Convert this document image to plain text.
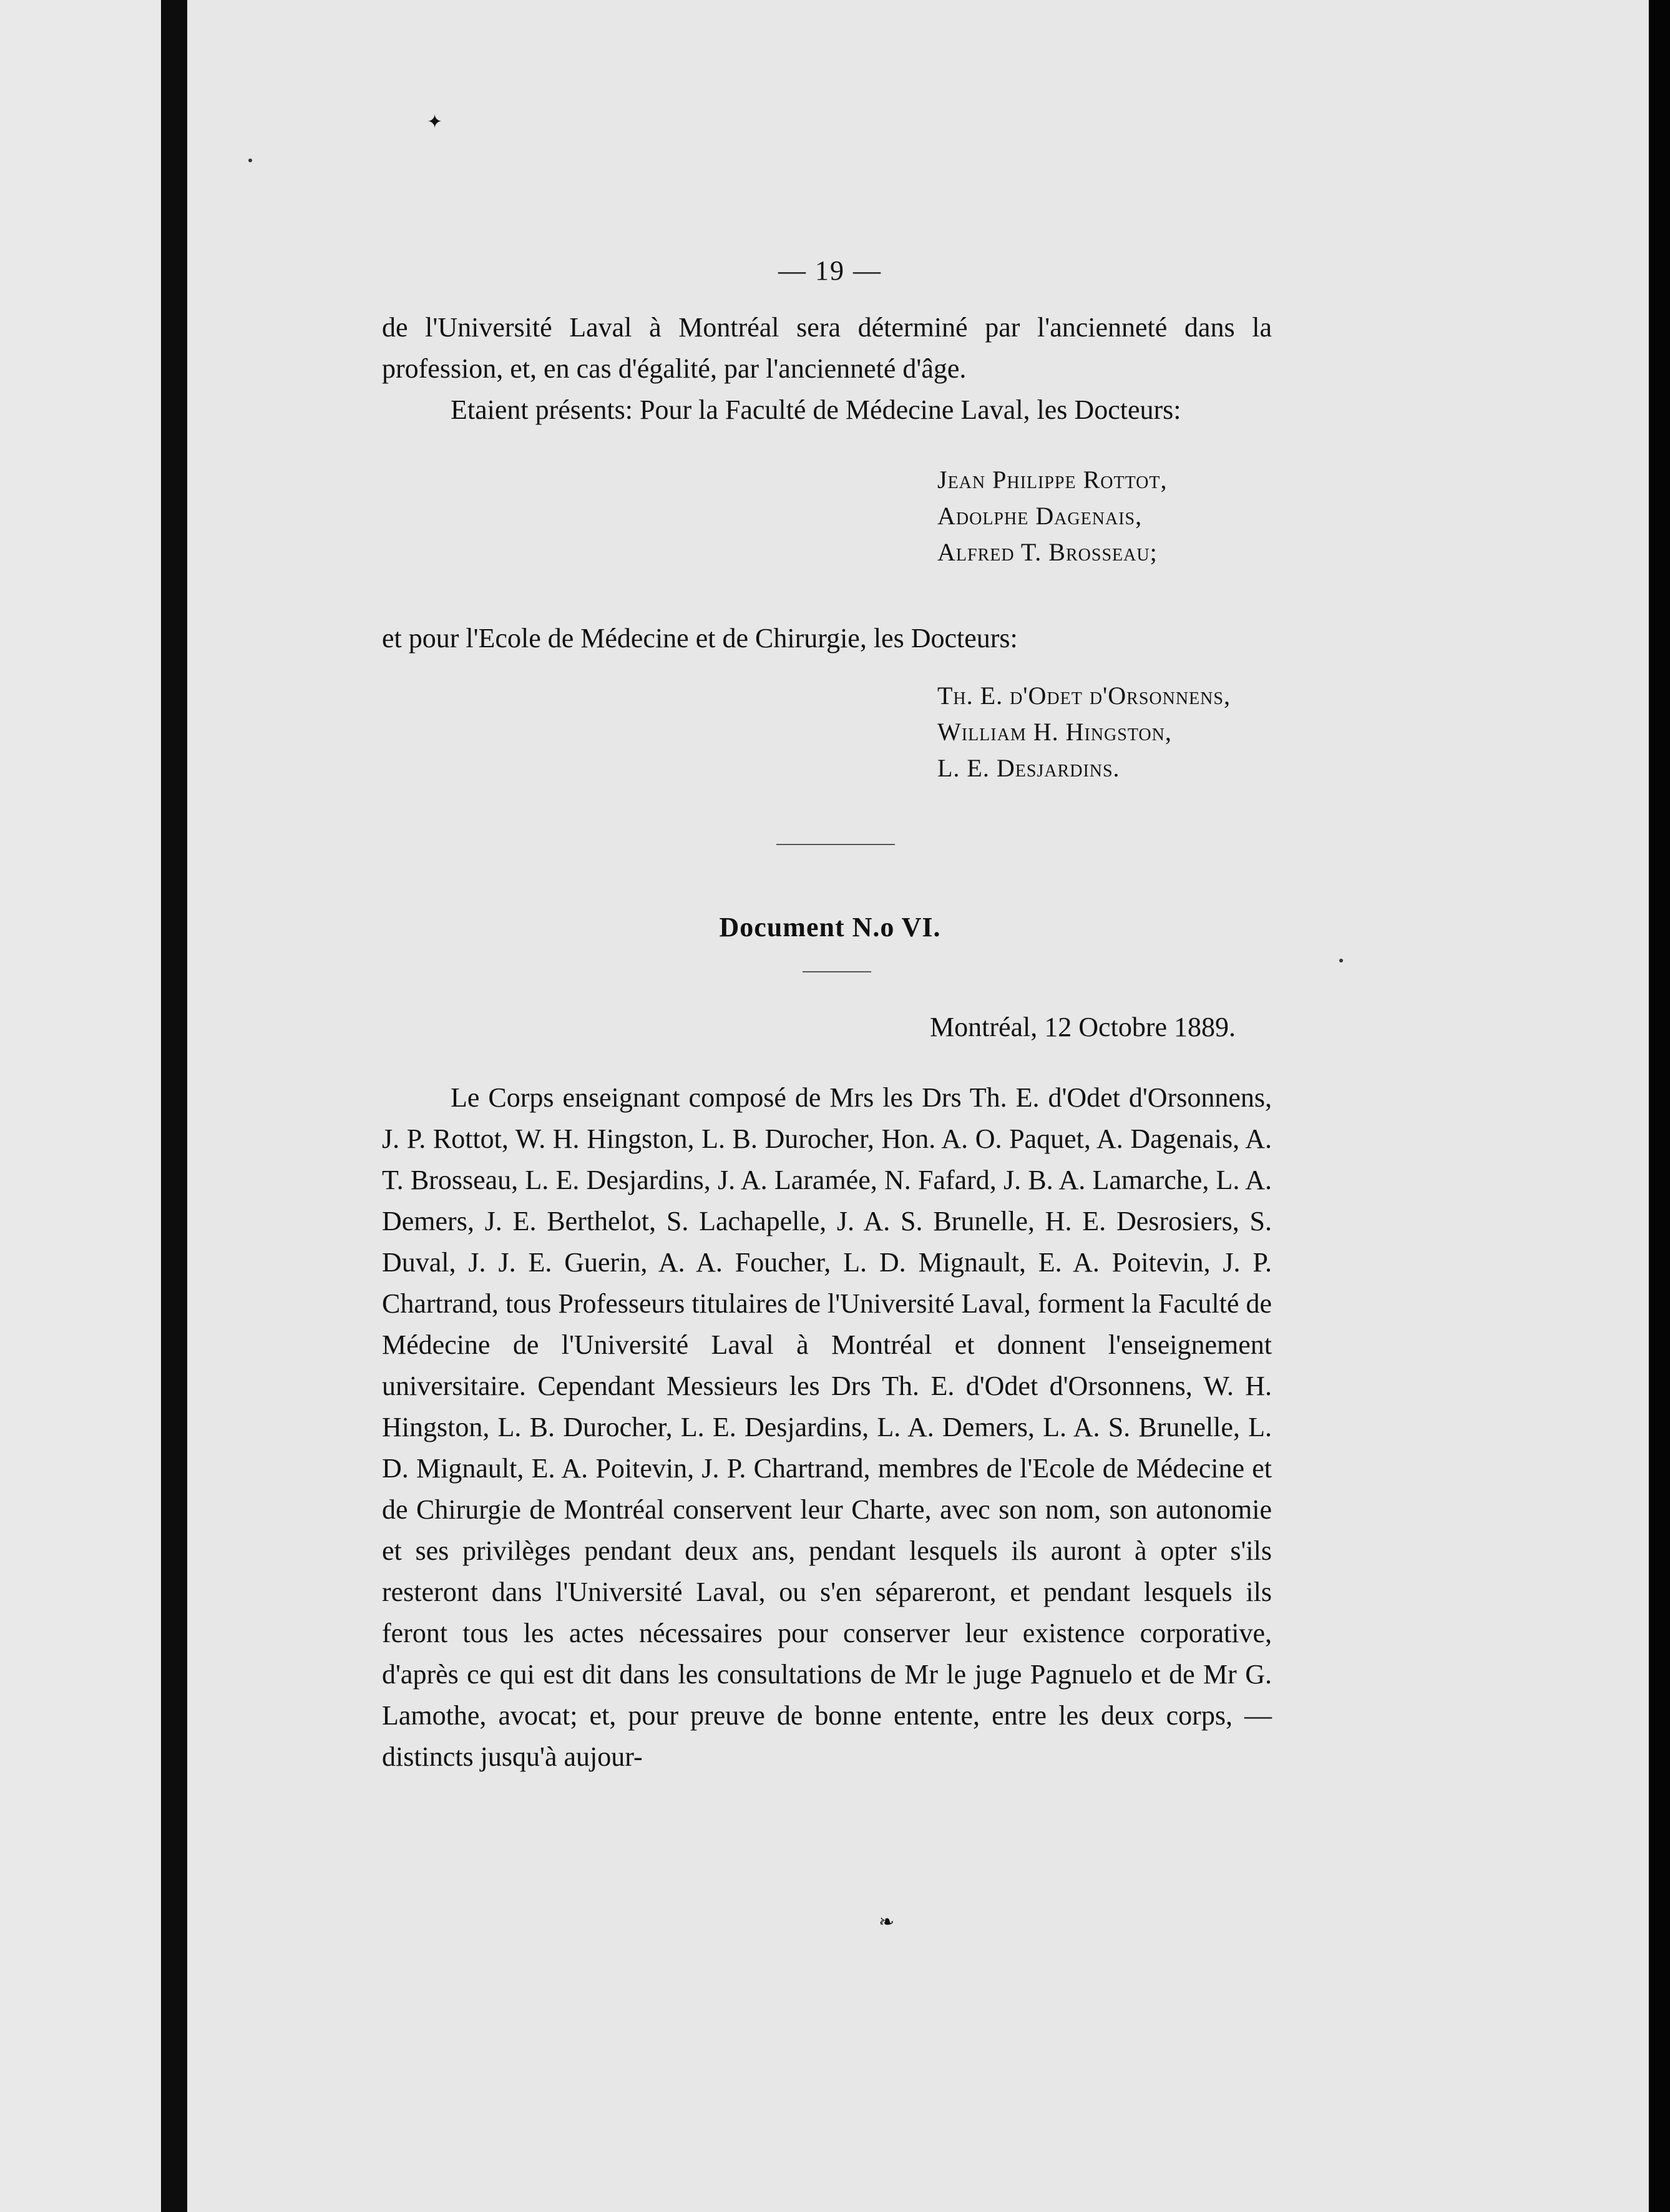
✦
— 19 —

de l'Université Laval à Montréal sera déterminé par l'ancienneté dans la profession, et, en cas d'égalité, par l'ancienneté d'âge.

Etaient présents: Pour la Faculté de Médecine Laval, les Docteurs:

Jean Philippe Rottot,
Adolphe Dagenais,
Alfred T. Brosseau;

et pour l'Ecole de Médecine et de Chirurgie, les Docteurs:

Th. E. d'Odet d'Orsonnens,
William H. Hingston,
L. E. Desjardins.
Document N.o VI.
Montréal, 12 Octobre 1889.

Le Corps enseignant composé de Mrs les Drs Th. E. d'Odet d'Orsonnens, J. P. Rottot, W. H. Hingston, L. B. Durocher, Hon. A. O. Paquet, A. Dagenais, A. T. Brosseau, L. E. Desjardins, J. A. Laramée, N. Fafard, J. B. A. Lamarche, L. A. Demers, J. E. Berthelot, S. Lachapelle, J. A. S. Brunelle, H. E. Desrosiers, S. Duval, J. J. E. Guerin, A. A. Foucher, L. D. Mignault, E. A. Poitevin, J. P. Chartrand, tous Professeurs titulaires de l'Université Laval, forment la Faculté de Médecine de l'Université Laval à Montréal et donnent l'enseignement universitaire. Cependant Messieurs les Drs Th. E. d'Odet d'Orsonnens, W. H. Hingston, L. B. Durocher, L. E. Desjardins, L. A. Demers, L. A. S. Brunelle, L. D. Mignault, E. A. Poitevin, J. P. Chartrand, membres de l'Ecole de Médecine et de Chirurgie de Montréal conservent leur Charte, avec son nom, son autonomie et ses privilèges pendant deux ans, pendant lesquels ils auront à opter s'ils resteront dans l'Université Laval, ou s'en sépareront, et pendant lesquels ils feront tous les actes nécessaires pour conserver leur existence corporative, d'après ce qui est dit dans les consultations de Mr le juge Pagnuelo et de Mr G. Lamothe, avocat; et, pour preuve de bonne entente, entre les deux corps, — distincts jusqu'à aujour-

❧
